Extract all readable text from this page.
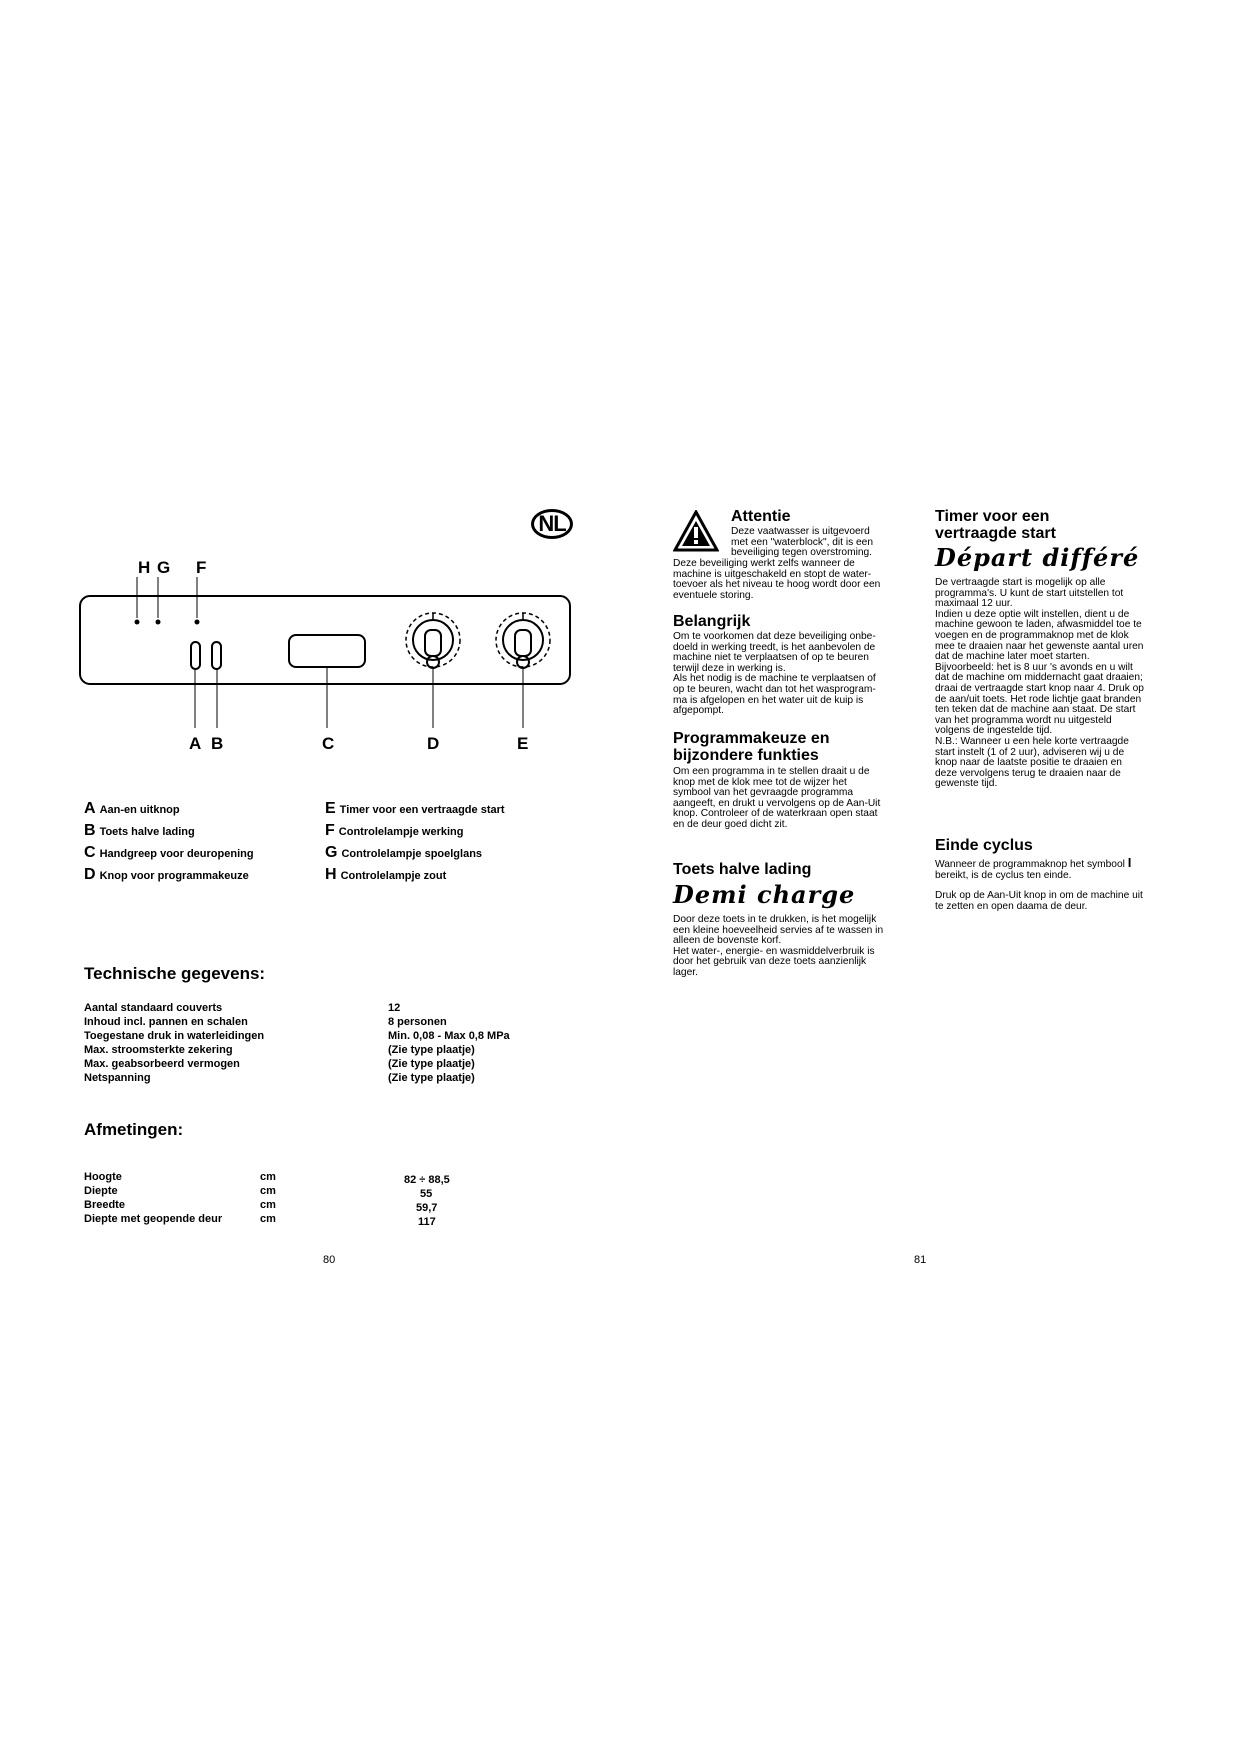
NL
H G F
A B	C	D	E
A Aan-en uitknop
B Toets halve lading
C Handgreep voor deuropening
D Knop voor programmakeuze
E Timer voor een vertraagde start
F Controlelampje werking
G Controlelampje spoelglans
H Controlelampje zout
Technische gegevens:
Aantal standaard couverts	12
Inhoud incl. pannen en schalen	8 personen
Toegestane druk in waterleidingen	Min. 0,08 - Max 0,8 MPa
Max. stroomsterkte zekering	(Zie type plaatje)
Max. geabsorbeerd vermogen	(Zie type plaatje)
Netspanning	(Zie type plaatje)
Afmetingen:
Hoogte	cm	82 ÷ 88,5
Diepte	cm	55
Breedte	cm	59,7
Diepte met geopende deur	cm	117
80
Attentie

Deze vaatwasser is uitgevoerd

met een "waterblock", dit is een

beveiliging tegen overstroming.

Deze beveiliging werkt zelfs wanneer de

machine is uitgeschakeld en stopt de water-

toevoer als het niveau te hoog wordt door een

eventuele storing.

Belangrijk

Om te voorkomen dat deze beveiliging onbe-

doeld in werking treedt, is het aanbevolen de

machine niet te verplaatsen of op te beuren

terwijl deze in werking is.

Als het nodig is de machine te verplaatsen of

op te beuren, wacht dan tot het wasprogram-

ma is afgelopen en het water uit de kuip is

afgepompt.

Programmakeuze en
bijzondere funkties

Om een programma in te stellen draait u de

knop met de klok mee tot de wijzer het

symbool van het gevraagde programma

aangeeft, en drukt u vervolgens op de Aan-Uit

knop. Controleer of de waterkraan open staat

en de deur goed dicht zit.

Toets halve lading
Demi charge

Door deze toets in te drukken, is het mogelijk

een kleine hoeveelheid servies af te wassen in

alleen de bovenste korf.

Het water-, energie- en wasmiddelverbruik is

door het gebruik van deze toets aanzienlijk

lager.

Timer voor een
vertraagde start
Départ différé

De vertraagde start is mogelijk op alle

programma's. U kunt de start uitstellen tot

maximaal 12 uur.

Indien u deze optie wilt instellen, dient u de

machine gewoon te laden, afwasmiddel toe te

voegen en de programmaknop met de klok

mee te draaien naar het gewenste aantal uren

dat de machine later moet starten.

Bijvoorbeeld: het is 8 uur 's avonds en u wilt

dat de machine om middernacht gaat draaien;

draai de vertraagde start knop naar 4. Druk op

de aan/uit toets. Het rode lichtje gaat branden

ten teken dat de machine aan staat. De start

van het programma wordt nu uitgesteld

volgens de ingestelde tijd.

N.B.: Wanneer u een hele korte vertraagde

start instelt (1 of 2 uur), adviseren wij u de

knop naar de laatste positie te draaien en

deze vervolgens terug te draaien naar de

gewenste tijd.

Einde cyclus

Wanneer de programmaknop het symbool I

bereikt, is de cyclus ten einde.

Druk op de Aan-Uit knop in om de machine uit

te zetten en open daama de deur.

81
